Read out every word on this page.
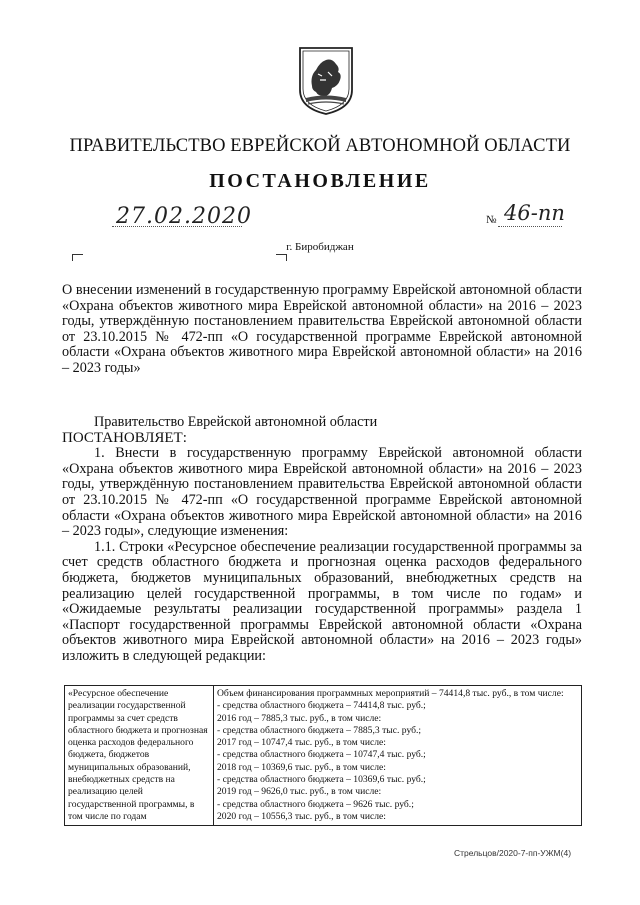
ПРАВИТЕЛЬСТВО ЕВРЕЙСКОЙ АВТОНОМНОЙ ОБЛАСТИ
ПОСТАНОВЛЕНИЕ
27.02.2020	№ 46-пп
г. Биробиджан
О внесении изменений в государственную программу Еврейской автономной области «Охрана объектов животного мира Еврейской автономной области» на 2016 – 2023 годы, утверждённую постановлением правительства Еврейской автономной области от 23.10.2015 № 472-пп «О государственной программе Еврейской автономной области «Охрана объектов животного мира Еврейской автономной области» на 2016 – 2023 годы»

Правительство Еврейской автономной области

ПОСТАНОВЛЯЕТ:

1. Внести в государственную программу Еврейской автономной области «Охрана объектов животного мира Еврейской автономной области» на 2016 – 2023 годы, утверждённую постановлением правительства Еврейской автономной области от 23.10.2015 № 472-пп «О государственной программе Еврейской автономной области «Охрана объектов животного мира Еврейской автономной области» на 2016 – 2023 годы», следующие изменения:

1.1. Строки «Ресурсное обеспечение реализации государственной программы за счет средств областного бюджета и прогнозная оценка расходов федерального бюджета, бюджетов муниципальных образований, внебюджетных средств на реализацию целей государственной программы, в том числе по годам» и «Ожидаемые результаты реализации государственной программы» раздела 1 «Паспорт государственной программы Еврейской автономной области «Охрана объектов животного мира Еврейской автономной области» на 2016 – 2023 годы» изложить в следующей редакции:

«Ресурсное обеспечение реализации государственной программы за счет средств областного бюджета и прогнозная оценка расходов федерального бюджета, бюджетов муниципальных образований, внебюджетных средств на реализацию целей государственной программы, в том числе по годам	
Объем финансирования программных мероприятий – 74414,8 тыс. руб., в том числе:
- средства областного бюджета – 74414,8 тыс. руб.;
2016 год – 7885,3 тыс. руб., в том числе:
- средства областного бюджета – 7885,3 тыс. руб.;
2017 год – 10747,4 тыс. руб., в том числе:
- средства областного бюджета – 10747,4 тыс. руб.;
2018 год – 10369,6 тыс. руб., в том числе:
- средства областного бюджета – 10369,6 тыс. руб.;
2019 год – 9626,0 тыс. руб., в том числе:
- средства областного бюджета – 9626 тыс. руб.;
2020 год – 10556,3 тыс. руб., в том числе:
Стрельцов/2020-7-пп-УЖМ(4)
